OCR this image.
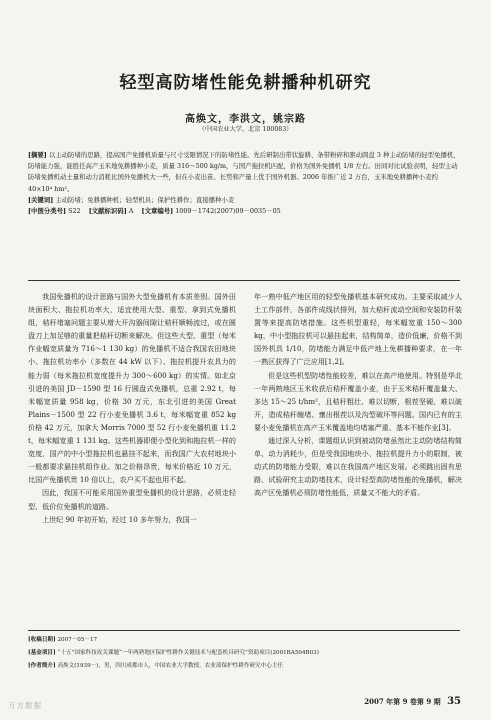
轻型高防堵性能免耕播种机研究
高焕文，李洪文，姚宗路
（中国农业大学，北京 100083）

[摘要] 以主动防堵的思路，提高国产免播机质量与尺寸受限情况下的防堵性能。先后研制出带状旋耕、条带粉碎和驱动圆盘 3 种主动防堵的轻型免播机，防堵能力强，能胜任高产玉米地免耕播种小麦，质量 316～500 kg/m，与国产拖拉机匹配，价格为国外免播机 1/8 左右。田间对比试验表明，轻型主动防堵免播机动土量和动力消耗比国外免播机大一些，但在小麦出苗、长势和产量上优于国外机器。2006 年推广近 2 万台，玉米地免耕播种小麦约 40×10⁴ hm²。

[关键词] 主动防堵；免耕播种机；轻型机具；保护性耕作；直接播种小麦

[中图分类号] S22 [文献标识码] A [文章编号] 1009－1742(2007)09－0035－05

我国免播机的设计思路与国外大型免播机有本质差别。国外田块面积大、拖拉机功率大，适宜使用大型、重型、拿到式免播机组，秸秆堵塞问题主要从增大开沟器间隙让秸秆顺畅流过，或在圆盘刀上加足够的重量把秸秆切断来解决。但这些大型、重型（每米作业幅宽质量为 716～1 130 kg）的免播机不适合我国农田地块小、拖拉机功率小（多数在 44 kW 以下）、拖拉机提升农具力的能力弱（每米拖拉机宽度提升力 300～600 kg）的实情。如北京引进的美国 JD－1590 型 16 行圆盘式免播机，总重 2.92 t，每米幅宽质量 958 kg，价格 30 万元，东北引进的美国 Great Plains－1500 型 22 行小麦免播机 3.6 t，每米幅宽重 852 kg 价格 42 万元，加拿大 Morris 7000 型 52 行小麦免播机重 11.2 t，每米幅宽重 1 131 kg。这些机器即便小型化到和拖拉机一样的宽度，国产的中小型拖拉机也悬挂不起来，而我国广大农村地块小一般都要求悬挂机组作业。加之价格昂贵，每米价格近 10 万元，比国产免播机贵 10 倍以上，农户买不起也用不起。

因此，我国不可能采用国外重型免播机的设计思路，必须走轻型、低价位免播机的道路。

上世纪 90 年初开始，经过 10 多年努力，我国一

年一熟中低产地区用的轻型免播机基本研究成功。主要采取减少人土工作部件，各部件成线状排列，加大秸秆流动空间和安装防秆装置等来提高防堵措施。这些机型重轻，每米幅宽重 150～300 kg，中小型拖拉机可以悬挂起来，结构简单，造价低廉，价格不到国外机具 1/10，防堵能力满足中低产地上免耕播种要求，在一年一熟区获得了广泛应用[1,2]。

但是这些机型防堵性能较差，难以在高产地使用。特别是华北一年两熟地区玉米收获后秸秆覆盖小麦，由于玉米秸秆覆盖量大、多达 15～25 t/hm²，且秸秆粗壮、难以切断，根茬坚硬、难以破开，造成秸秆缠堵、壅出根茬以及沟型破坏等问题。国内已有的主要小麦免播机在高产玉米覆盖地均堵塞严重、基本不能作业[3]。

通过深入分析，课题组认识到被动防堵虽然比主动防堵结构简单、动力消耗少，但是受我国地块小、拖拉机提升力小的限制，被动式的防堵能力受限，难以在我国高产地区发展。必须跳出固有思路、试验研究主动防堵技术，设计轻型高防堵性能的免播机，解决高产区免播机必须防堵性能低，质量又不能大的矛盾。

[收稿日期] 2007－05－17
[基金项目] “十五”国家科技攻关课题“一年两熟地区保护性耕作关键技术与配套机具研究”资助项目(2001BA504B03)
[作者简介] 高焕文(1939－)，男，四川成都市人，中国农业大学教授，农业部保护性耕作研究中心主任
2007 年第 9 卷第 9 期 35
万方数据
